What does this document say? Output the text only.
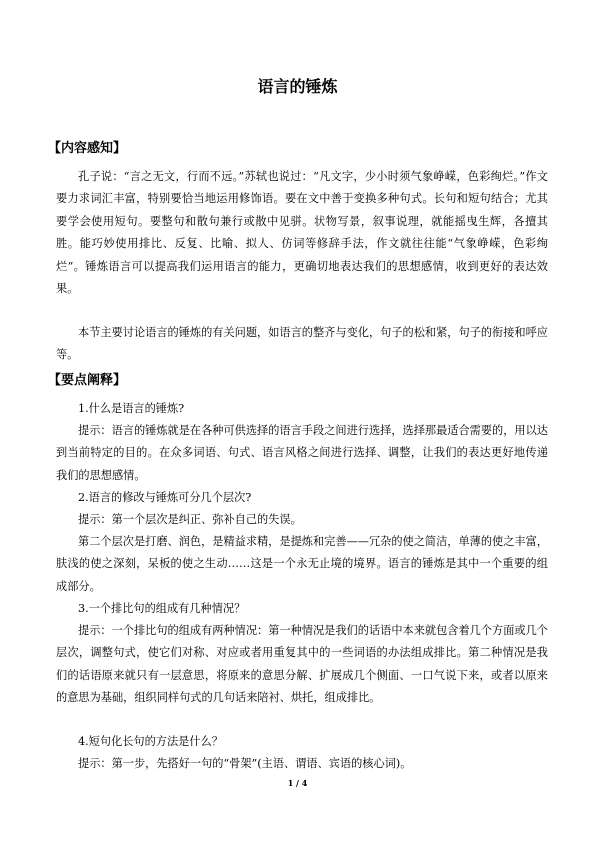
语言的锤炼
【内容感知】

孔子说：“言之无文，行而不远。”苏轼也说过：“凡文字，少小时须气象峥嵘，色彩绚烂。”作文要力求词汇丰富，特别要恰当地运用修饰语。要在文中善于变换多种句式。长句和短句结合；尤其要学会使用短句。要整句和散句兼行或散中见骈。状物写景，叙事说理，就能摇曳生辉，各擅其胜。能巧妙使用排比、反复、比喻、拟人、仿词等修辞手法，作文就往往能“气象峥嵘，色彩绚烂”。锤炼语言可以提高我们运用语言的能力，更确切地表达我们的思想感情，收到更好的表达效果。

本节主要讨论语言的锤炼的有关问题，如语言的整齐与变化，句子的松和紧，句子的衔接和呼应等。

【要点阐释】

1.什么是语言的锤炼?

提示：语言的锤炼就是在各种可供选择的语言手段之间进行选择，选择那最适合需要的，用以达到当前特定的目的。在众多词语、句式、语言风格之间进行选择、调整，让我们的表达更好地传递我们的思想感情。

2.语言的修改与锤炼可分几个层次?

提示：第一个层次是纠正、弥补自己的失误。

第二个层次是打磨、润色，是精益求精，是提炼和完善——冗杂的使之简洁，单薄的使之丰富，肤浅的使之深刻，呆板的使之生动……这是一个永无止境的境界。语言的锤炼是其中一个重要的组成部分。

3.一个排比句的组成有几种情况？

提示：一个排比句的组成有两种情况：第一种情况是我们的话语中本来就包含着几个方面或几个层次，调整句式，使它们对称、对应或者用重复其中的一些词语的办法组成排比。第二种情况是我们的话语原来就只有一层意思，将原来的意思分解、扩展成几个侧面、一口气说下来，或者以原来的意思为基础，组织同样句式的几句话来陪衬、烘托，组成排比。

4.短句化长句的方法是什么？

提示：第一步，先搭好一句的“骨架”(主语、谓语、宾语的核心词)。

1 / 4
